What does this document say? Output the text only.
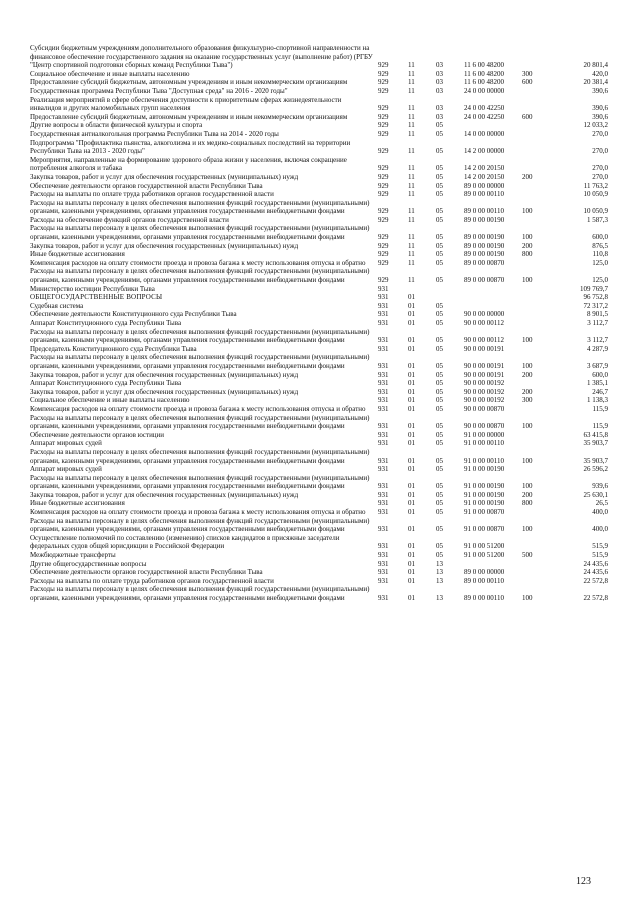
Субсидии бюджетным учреждениям дополнительного образования физкультурно-спортивной направленности на финансовое обеспечение государственного задания на оказание государственных услуг (выполнение работ) (РГБУ "Центр спортивной подготовки сборных команд Республики Тыва")	929	11	03	11 6 00 48200		20 801,4
Социальное обеспечение и иные выплаты населению	929	11	03	11 6 00 48200	300	420,0
Предоставление субсидий бюджетным, автономным учреждениям и иным некоммерческим организациям	929	11	03	11 6 00 48200	600	20 381,4
Государственная программа Республики Тыва "Доступная среда" на 2016 - 2020 годы"	929	11	03	24 0 00 00000		390,6
Реализация мероприятий в сфере обеспечения доступности к приоритетным сферах жизнедеятельности инвалидов и других маломобильных групп населения	929	11	03	24 0 00 42250		390,6
Предоставление субсидий бюджетным, автономным учреждениям и иным некоммерческим организациям	929	11	03	24 0 00 42250	600	390,6
Другие вопросы в области физической культуры и спорта	929	11	05			12 033,2
Государственная антиалкогольная программа Республики Тыва на 2014 - 2020 годы	929	11	05	14 0 00 00000		270,0
Подпрограмма "Профилактика пьянства, алкоголизма и их медико-социальных последствий на территории Республики Тыва на 2013 - 2020 годы"	929	11	05	14 2 00 00000		270,0
Мероприятия, направленные на формирование здорового образа жизни у населения, включая сокращение потребления алкоголя и табака	929	11	05	14 2 00 20150		270,0
Закупка товаров, работ и услуг для обеспечения государственных (муниципальных) нужд	929	11	05	14 2 00 20150	200	270,0
Обеспечение деятельности органов государственной власти Республики Тыва	929	11	05	89 0 00 00000		11 763,2
Расходы на выплаты по оплате труда работников органов государственной власти	929	11	05	89 0 00 00110		10 050,9
Расходы на выплаты персоналу в целях обеспечения выполнения функций государственными (муниципальными) органами, казенными учреждениями, органами управления государственными внебюджетными фондами	929	11	05	89 0 00 00110	100	10 050,9
Расходы на обеспечение функций органов государственной власти	929	11	05	89 0 00 00190		1 587,3
Расходы на выплаты персоналу в целях обеспечения выполнения функций государственными (муниципальными) органами, казенными учреждениями, органами управления государственными внебюджетными фондами	929	11	05	89 0 00 00190	100	600,0
Закупка товаров, работ и услуг для обеспечения государственных (муниципальных) нужд	929	11	05	89 0 00 00190	200	876,5
Иные бюджетные ассигнования	929	11	05	89 0 00 00190	800	110,8
Компенсация расходов на оплату стоимости проезда и провоза багажа к месту использования отпуска и обратно	929	11	05	89 0 00 00870		125,0
Расходы на выплаты персоналу в целях обеспечения выполнения функций государственными (муниципальными) органами, казенными учреждениями, органами управления государственными внебюджетными фондами	929	11	05	89 0 00 00870	100	125,0
Министерство юстиции Республики Тыва	931					109 769,7
ОБЩЕГОСУДАРСТВЕННЫЕ ВОПРОСЫ	931	01				96 752,8
Судебная система	931	01	05			72 317,2
Обеспечение деятельности Конституционного суда Республики Тыва	931	01	05	90 0 00 00000		8 901,5
Аппарат Конституционного суда Республики Тыва	931	01	05	90 0 00 00112		3 112,7
Расходы на выплаты персоналу в целях обеспечения выполнения функций государственными (муниципальными) органами, казенными учреждениями, органами управления государственными внебюджетными фондами	931	01	05	90 0 00 00112	100	3 112,7
Председатель Конституционного суда Республики Тыва	931	01	05	90 0 00 00191		4 287,9
Расходы на выплаты персоналу в целях обеспечения выполнения функций государственными (муниципальными) органами, казенными учреждениями, органами управления государственными внебюджетными фондами	931	01	05	90 0 00 00191	100	3 687,9
Закупка товаров, работ и услуг для обеспечения государственных (муниципальных) нужд	931	01	05	90 0 00 00191	200	600,0
Аппарат Конституционного суда Республики Тыва	931	01	05	90 0 00 00192		1 385,1
Закупка товаров, работ и услуг для обеспечения государственных (муниципальных) нужд	931	01	05	90 0 00 00192	200	246,7
Социальное обеспечение и иные выплаты населению	931	01	05	90 0 00 00192	300	1 138,3
Компенсация расходов на оплату стоимости проезда и провоза багажа к месту использования отпуска и обратно	931	01	05	90 0 00 00870		115,9
Расходы на выплаты персоналу в целях обеспечения выполнения функций государственными (муниципальными) органами, казенными учреждениями, органами управления государственными внебюджетными фондами	931	01	05	90 0 00 00870	100	115,9
Обеспечение деятельности органов юстиции	931	01	05	91 0 00 00000		63 415,8
Аппарат мировых судей	931	01	05	91 0 00 00110		35 903,7
Расходы на выплаты персоналу в целях обеспечения выполнения функций государственными (муниципальными) органами, казенными учреждениями, органами управления государственными внебюджетными фондами	931	01	05	91 0 00 00110	100	35 903,7
Аппарат мировых судей	931	01	05	91 0 00 00190		26 596,2
Расходы на выплаты персоналу в целях обеспечения выполнения функций государственными (муниципальными) органами, казенными учреждениями, органами управления государственными внебюджетными фондами	931	01	05	91 0 00 00190	100	939,6
Закупка товаров, работ и услуг для обеспечения государственных (муниципальных) нужд	931	01	05	91 0 00 00190	200	25 630,1
Иные бюджетные ассигнования	931	01	05	91 0 00 00190	800	26,5
Компенсация расходов на оплату стоимости проезда и провоза багажа к месту использования отпуска и обратно	931	01	05	91 0 00 00870		400,0
Расходы на выплаты персоналу в целях обеспечения выполнения функций государственными (муниципальными) органами, казенными учреждениями, органами управления государственными внебюджетными фондами	931	01	05	91 0 00 00870	100	400,0
Осуществление полномочий по составлению (изменению) списков кандидатов в присяжные заседатели федеральных судов общей юрисдикции в Российской Федерации	931	01	05	91 0 00 51200		515,9
Межбюджетные трансферты	931	01	05	91 0 00 51200	500	515,9
Другие общегосударственные вопросы	931	01	13			24 435,6
Обеспечение деятельности органов государственной власти Республики Тыва	931	01	13	89 0 00 00000		24 435,6
Расходы на выплаты по оплате труда работников органов государственной власти	931	01	13	89 0 00 00110		22 572,8
Расходы на выплаты персоналу в целях обеспечения выполнения функций государственными (муниципальными) органами, казенными учреждениями, органами управления государственными внебюджетными фондами	931	01	13	89 0 00 00110	100	22 572,8
123
